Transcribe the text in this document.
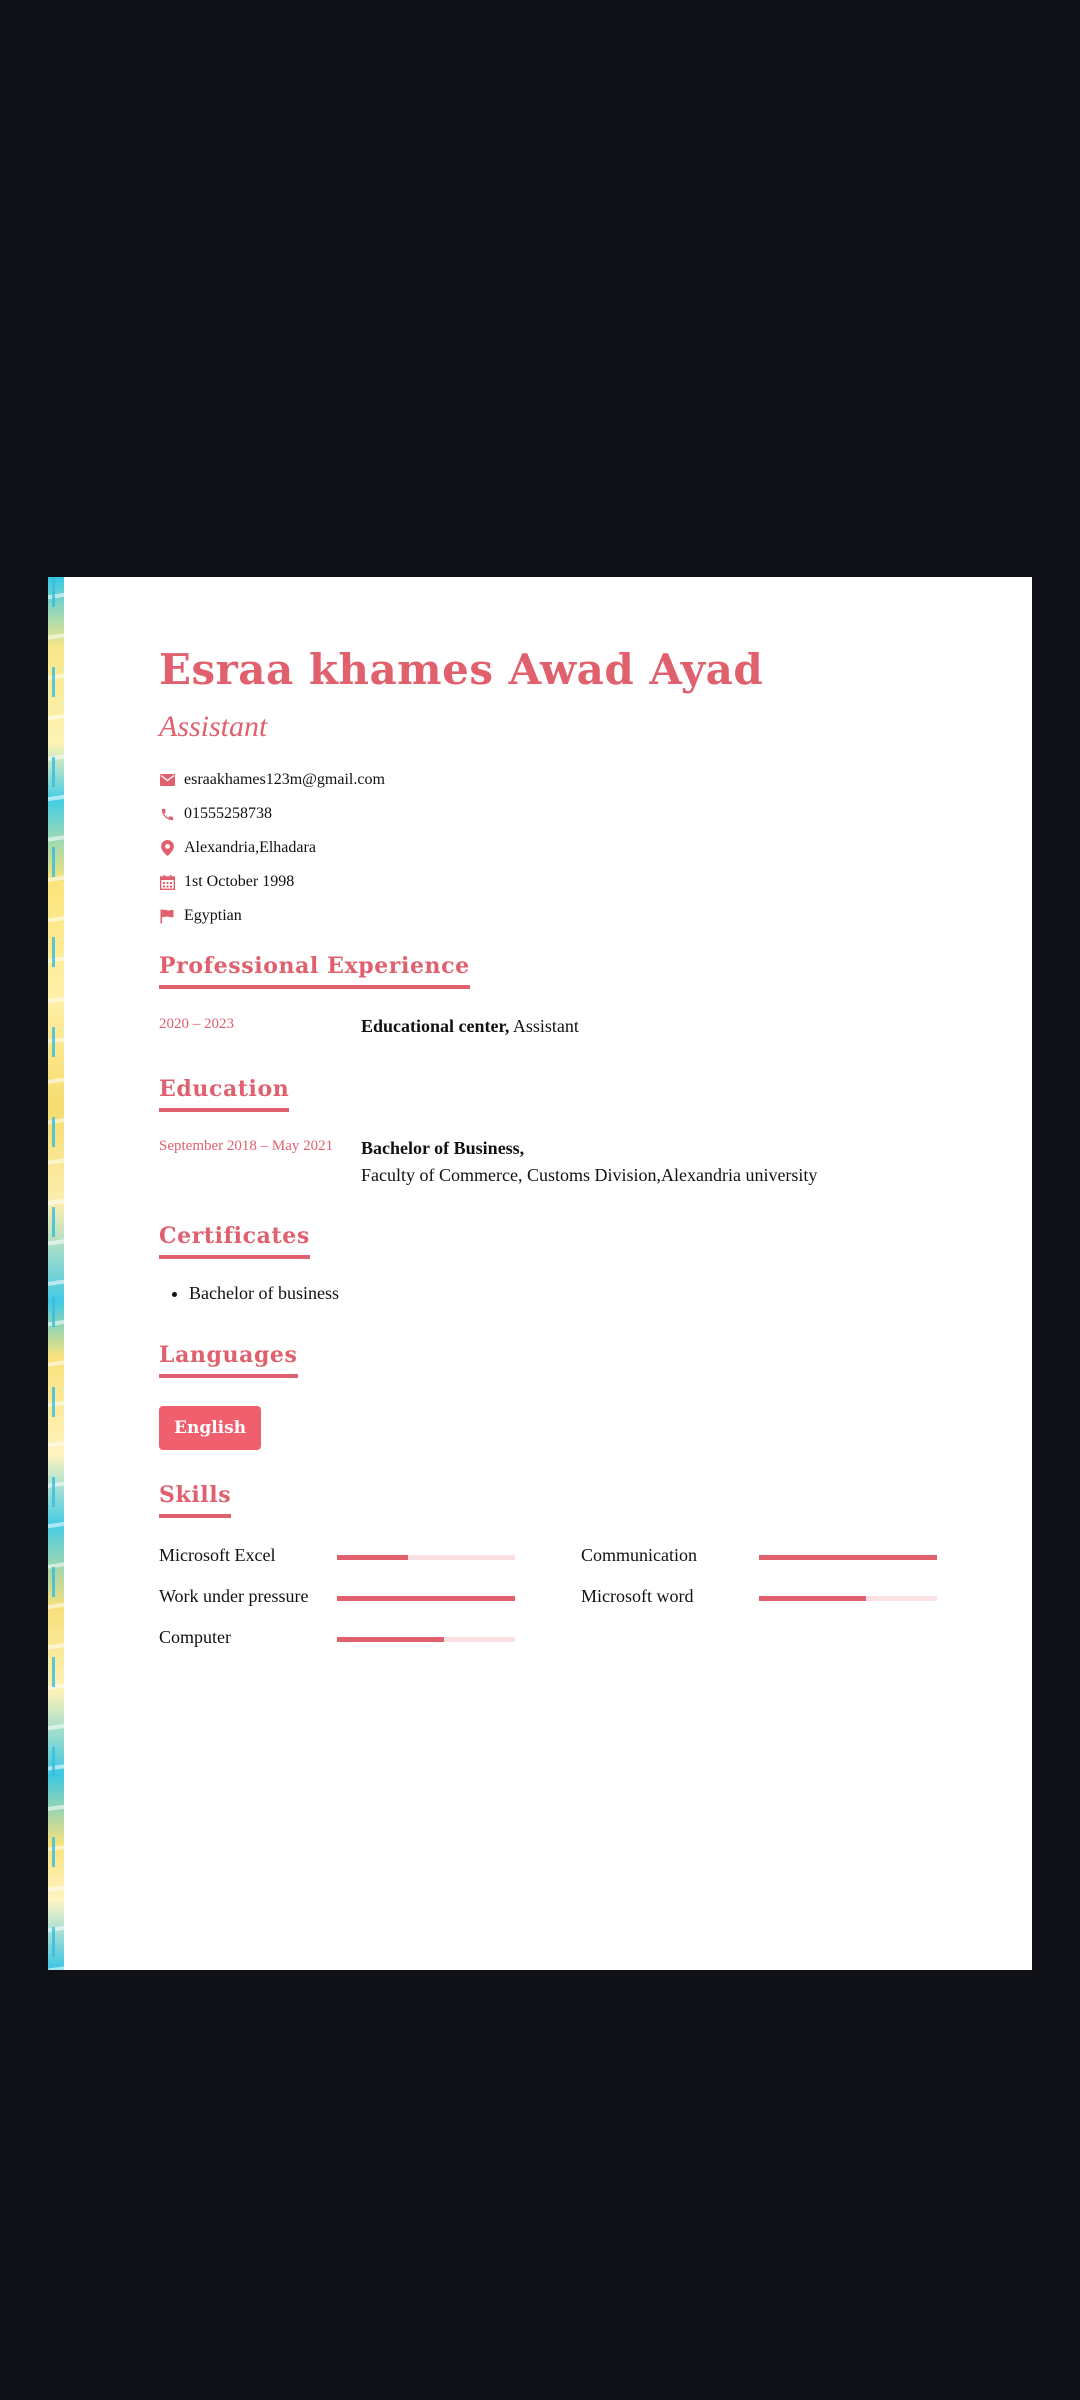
Esraa khames Awad Ayad
Assistant
esraakhames123m@gmail.com
01555258738
Alexandria,Elhadara
1st October 1998
Egyptian
Professional Experience
2020 – 2023	Educational center, Assistant
Education
September 2018 – May 2021	Bachelor of Business,
Faculty of Commerce, Customs Division,Alexandria university
Certificates
• Bachelor of business
Languages
English
Skills
Microsoft Excel	Communication
Work under pressure	Microsoft word
Computer
